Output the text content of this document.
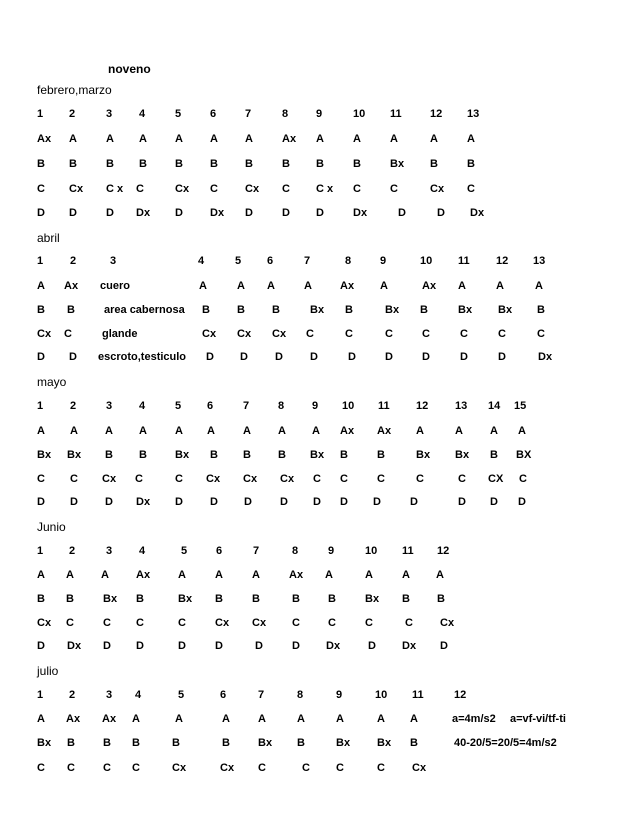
noveno
febrero,marzo
1 2	3 4	5	6	7	8	9	10 11	12 13
Ax A	A A	A A A	Ax A	A	A	A	A
B B	B B	B B B	B B	B	Bx B	B
C Cx C x C	Cx C Cx C C x C	C	Cx C
D D	D Dx D Dx D	D D	Dx	D	D Dx
abril
1 2	3	4	5 6	7	8	9	10 11 12 13
A Ax cuero	A	A A	A	Ax A	Ax A	A	A
B B	area cabernosa B B B	Bx B	Bx B	Bx Bx B
Cx C	glande	Cx Cx Cx C	C	C	C	C	C	C
D D escroto,testiculo D D D D	D	D	D	D	D	Dx
mayo
1 2	3 4	5 6	7	8	9 10 11 12 13 14 15
A A A A	A A	A A A Ax Ax A	A A A
Bx Bx B B	Bx B B B Bx B	B	Bx Bx B BX
C C Cx C	C Cx Cx Cx C C	C	C	C CX C
D D D Dx D D D	D D D D	D	D D D
Junio
1 2	3 4	5	6	7	8	9	10 11 12
A A A Ax	A	A	A	Ax A	A	A A
B B	Bx B	Bx B	B	B	B	Bx B B
Cx C	C C	C	Cx Cx C	C	C	C Cx
D Dx D D	D	D	D	D Dx	D Dx D
julio
1 2	3 4	5	6	7	8	9	10 11	12
A Ax Ax A	A	A	A	A	A	A A	a=4m/s2 a=vf-vi/tf-ti
Bx B	B B	B	B	Bx B	Bx Bx B	40-20/5=20/5=4m/s2
C C	C C	Cx	Cx C	C C	C Cx
